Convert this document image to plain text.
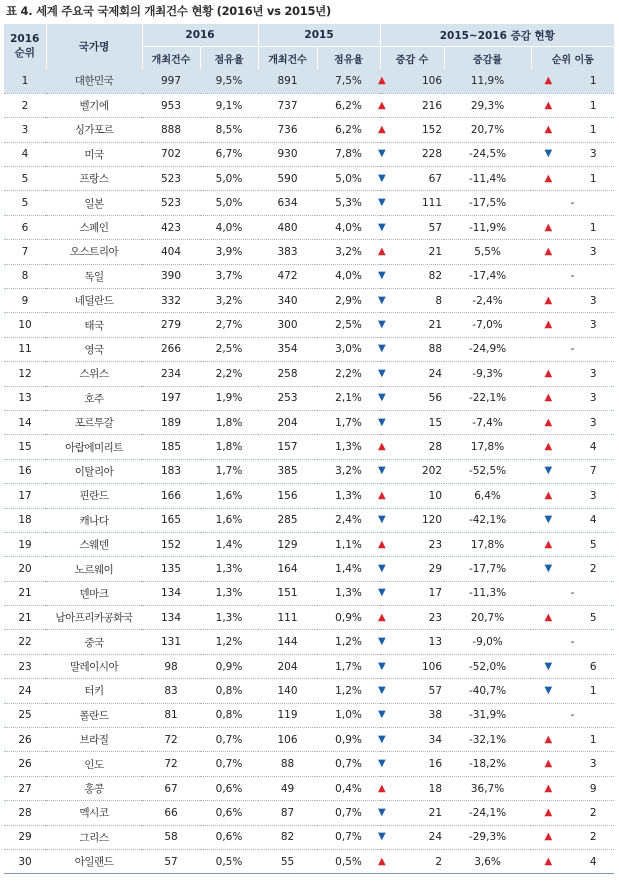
표 4. 세계 주요국 국제회의 개최건수 현황 (2016년 vs 2015년)
2016
순위	국가명	2016		2015		2015~2016 증감 현황		
		개최건수	점유율	개최건수	점유율	증감 수	증감률	순위 이동
1	대한민국	997	9,5%	891	7,5%	▲ 106	11,9%	▲ 1
2	벨기에	953	9,1%	737	6,2%	▲ 216	29,3%	▲ 1
3	싱가포르	888	8,5%	736	6,2%	▲ 152	20,7%	▲ 1
4	미국	702	6,7%	930	7,8%	▼ 228	-24,5%	▼ 3
5	프랑스	523	5,0%	590	5,0%	▼ 67	-11,4%	▲ 1
5	일본	523	5,0%	634	5,3%	▼ 111	-17,5%	-
6	스페인	423	4,0%	480	4,0%	▼ 57	-11,9%	▲ 1
7	오스트리아	404	3,9%	383	3,2%	▲ 21	5,5%	▲ 3
8	독일	390	3,7%	472	4,0%	▼ 82	-17,4%	-
9	네덜란드	332	3,2%	340	2,9%	▼ 8	-2,4%	▲ 3
10	태국	279	2,7%	300	2,5%	▼ 21	-7,0%	▲ 3
11	영국	266	2,5%	354	3,0%	▼ 88	-24,9%	-
12	스위스	234	2,2%	258	2,2%	▼ 24	-9,3%	▲ 3
13	호주	197	1,9%	253	2,1%	▼ 56	-22,1%	▲ 3
14	포르투갈	189	1,8%	204	1,7%	▼ 15	-7,4%	▲ 3
15	아랍에미리트	185	1,8%	157	1,3%	▲ 28	17,8%	▲ 4
16	이탈리아	183	1,7%	385	3,2%	▼ 202	-52,5%	▼ 7
17	핀란드	166	1,6%	156	1,3%	▲ 10	6,4%	▲ 3
18	캐나다	165	1,6%	285	2,4%	▼ 120	-42,1%	▼ 4
19	스웨덴	152	1,4%	129	1,1%	▲ 23	17,8%	▲ 5
20	노르웨이	135	1,3%	164	1,4%	▼ 29	-17,7%	▼ 2
21	덴마크	134	1,3%	151	1,3%	▼ 17	-11,3%	-
21	남아프리카공화국	134	1,3%	111	0,9%	▲ 23	20,7%	▲ 5
22	중국	131	1,2%	144	1,2%	▼ 13	-9,0%	-
23	말레이시아	98	0,9%	204	1,7%	▼ 106	-52,0%	▼ 6
24	터키	83	0,8%	140	1,2%	▼ 57	-40,7%	▼ 1
25	폴란드	81	0,8%	119	1,0%	▼ 38	-31,9%	-
26	브라질	72	0,7%	106	0,9%	▼ 34	-32,1%	▲ 1
26	인도	72	0,7%	88	0,7%	▼ 16	-18,2%	▲ 3
27	홍콩	67	0,6%	49	0,4%	▲ 18	36,7%	▲ 9
28	멕시코	66	0,6%	87	0,7%	▼ 21	-24,1%	▲ 2
29	그리스	58	0,6%	82	0,7%	▼ 24	-29,3%	▲ 2
30	아일랜드	57	0,5%	55	0,5%	▲ 2	3,6%	▲ 4
